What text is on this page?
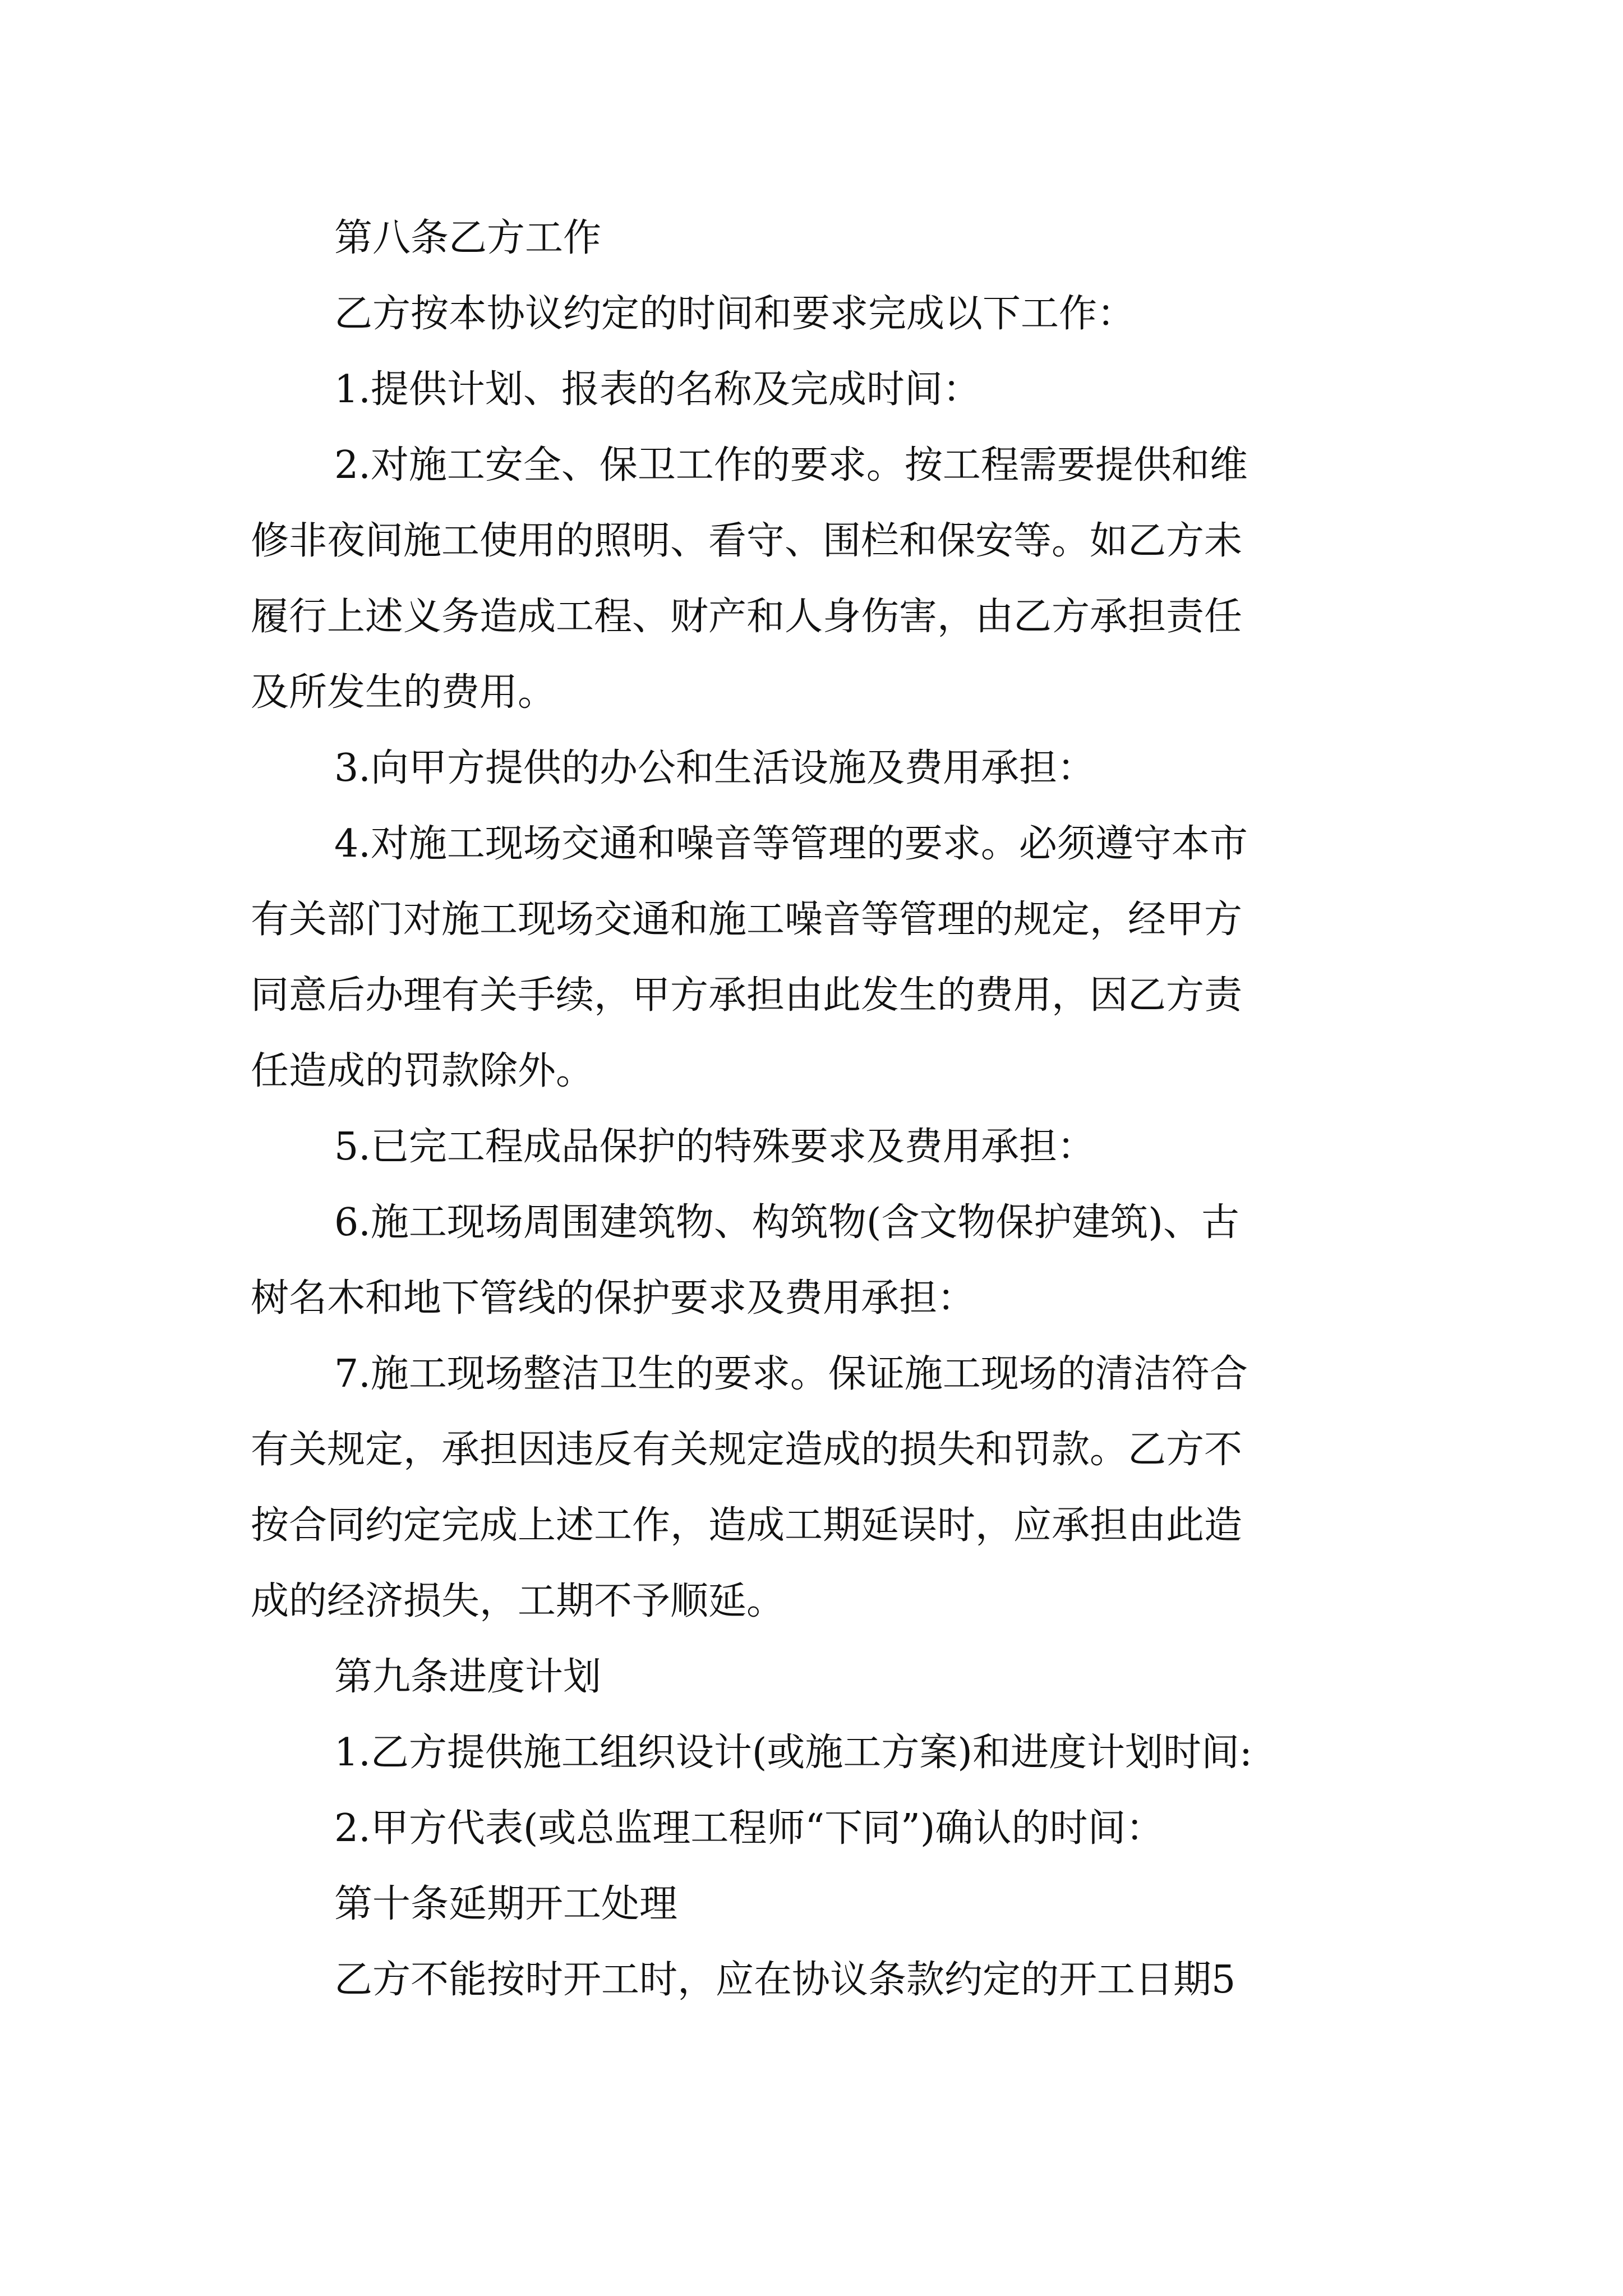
第八条乙方工作

乙方按本协议约定的时间和要求完成以下工作：

1.提供计划、报表的名称及完成时间：

2.对施工安全、保卫工作的要求。按工程需要提供和维

修非夜间施工使用的照明、看守、围栏和保安等。如乙方未

履行上述义务造成工程、财产和人身伤害，由乙方承担责任

及所发生的费用。

3.向甲方提供的办公和生活设施及费用承担：

4.对施工现场交通和噪音等管理的要求。必须遵守本市

有关部门对施工现场交通和施工噪音等管理的规定，经甲方

同意后办理有关手续，甲方承担由此发生的费用，因乙方责

任造成的罚款除外。

5.已完工程成品保护的特殊要求及费用承担：

6.施工现场周围建筑物、构筑物(含文物保护建筑)、古

树名木和地下管线的保护要求及费用承担：

7.施工现场整洁卫生的要求。保证施工现场的清洁符合

有关规定，承担因违反有关规定造成的损失和罚款。乙方不

按合同约定完成上述工作，造成工期延误时，应承担由此造

成的经济损失，工期不予顺延。

第九条进度计划

1.乙方提供施工组织设计(或施工方案)和进度计划时间:

2.甲方代表(或总监理工程师“下同”)确认的时间：

第十条延期开工处理

乙方不能按时开工时，应在协议条款约定的开工日期5
